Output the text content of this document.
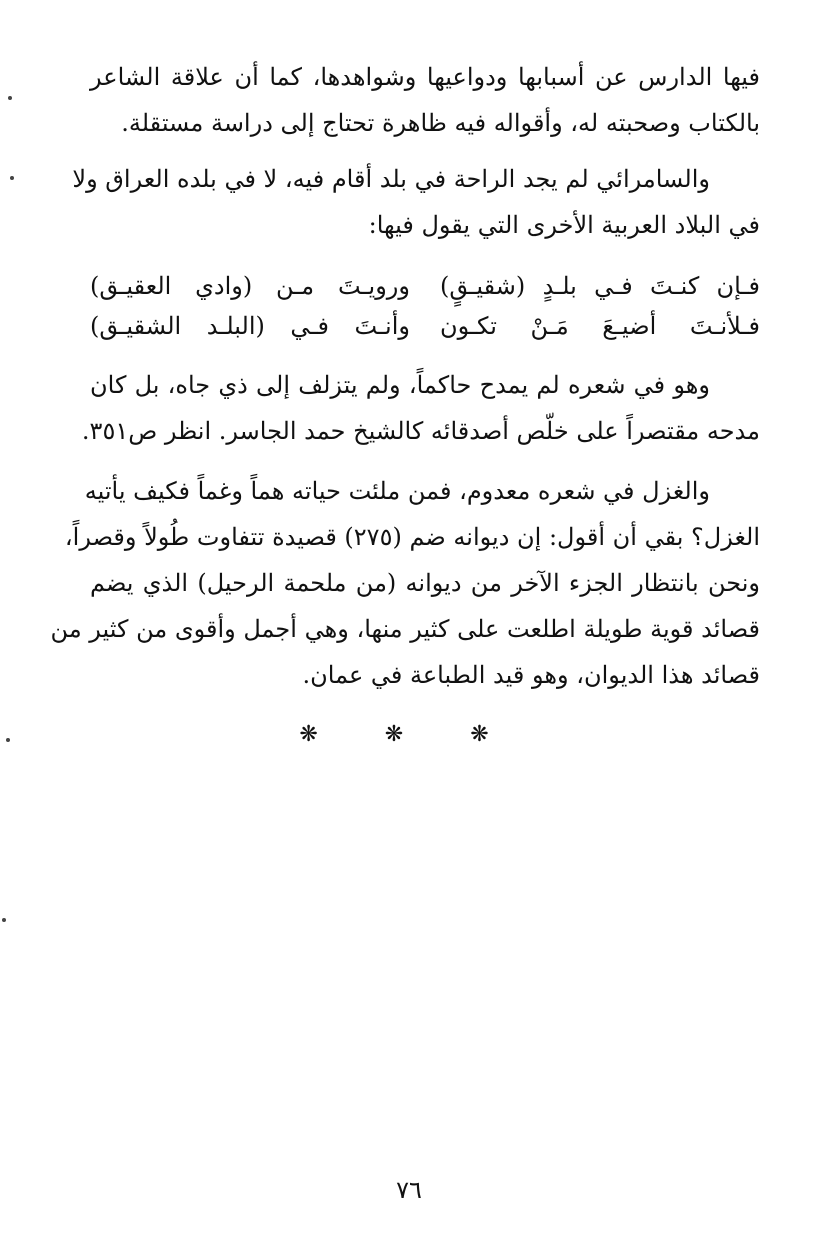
فيها الدارس عن أسبابها ودواعيها وشواهدها، كما أن علاقة الشاعر
بالكتاب وصحبته له، وأقواله فيه ظاهرة تحتاج إلى دراسة مستقلة.
والسامرائي لم يجد الراحة في بلد أقام فيه، لا في بلده العراق ولا
في البلاد العربية الأخرى التي يقول فيها:
فـإن كنـتَ فـي بلـدٍ (شقيـقٍ)
ورويـتَ مـن (وادي العقيـق)
فـلأنـتَ أضيـعَ مَـنْ تكـون
وأنـتَ فـي (البلـد الشقيـق)
وهو في شعره لم يمدح حاكماً، ولم يتزلف إلى ذي جاه، بل كان
مدحه مقتصراً على خلّص أصدقائه كالشيخ حمد الجاسر. انظر ص٣٥١.
والغزل في شعره معدوم، فمن ملئت حياته هماً وغماً فكيف يأتيه
الغزل؟ بقي أن أقول: إن ديوانه ضم (٢٧٥) قصيدة تتفاوت طُولاً وقصراً،
ونحن بانتظار الجزء الآخر من ديوانه (من ملحمة الرحيل) الذي يضم
قصائد قوية طويلة اطلعت على كثير منها، وهي أجمل وأقوى من كثير من
قصائد هذا الديوان، وهو قيد الطباعة في عمان.
❋ ❋ ❋
٧٦
